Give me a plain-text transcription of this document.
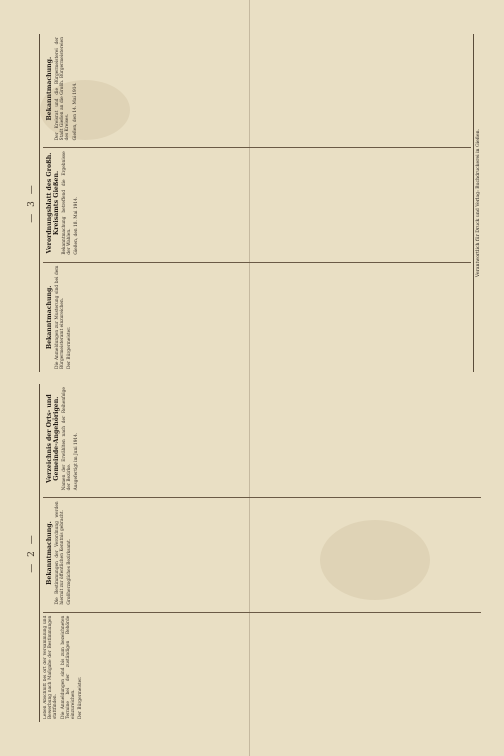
— 2 —

Leben Abschnitt bei ort der Versammlung und Bewerbung nach Maßgabe der Bestimmungen stattfinden. Die Anmeldungen sind bis zum bezeichneten Termine bei der zuständigen Behörde einzureichen. Der Bürgermeister.

Bekanntmachung. Die Bestimmungen der Verordnung werden hiermit zur öffentlichen Kenntnis gebracht. Großherzogliches Bezirksamt.

Verzeichnis der Orts- und Gemeinde-Angehörigen. Namen der Erwählten nach der Reihenfolge der Bezirke. Ausgefertigt im Juni 1914.

— 3 —
Bekanntmachung. Die Anmeldungen zur Musterung sind bei dem Bürgermeisteramt einzureichen. Der Bürgermeister.

Verordnungsblatt des Großh. Kreisamts Gießen. Bekanntmachung betreffend die Ergebnisse der Wahlen. Gießen, den 18. Mai 1914.

Bekanntmachung. Der Kreisrat und die Bürgermeisterei der Stadt Gießen an die Großh. Bürgermeistereien des Kreises. Gießen, den 14. Mai 1914.

Verantwortlich für Druck und Verlag: Buchdruckerei in Gießen.
